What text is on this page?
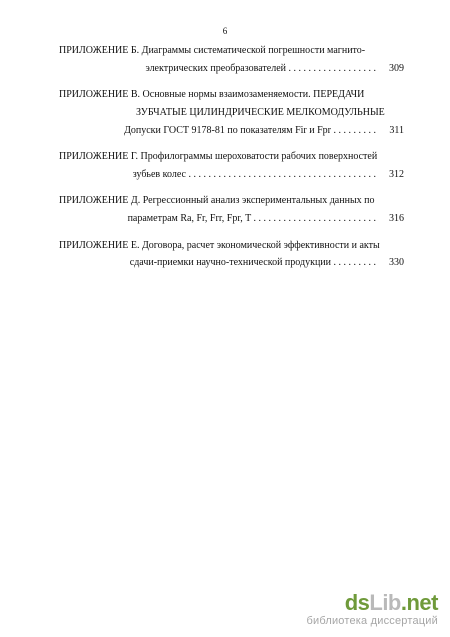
6
ПРИЛОЖЕНИЕ Б. Диаграммы систематической погрешности магнито-
электрических преобразователей . . . . . . . . . . . . . . . . . .	309
ПРИЛОЖЕНИЕ В. Основные нормы взаимозаменяемости. ПЕРЕДАЧИ
ЗУБЧАТЫЕ ЦИЛИНДРИЧЕСКИЕ МЕЛКОМОДУЛЬНЫЕ
Допуски ГОСТ 9178-81 по показателям Fir и Fpr . . . . . . . . .	311
ПРИЛОЖЕНИЕ Г. Профилограммы шероховатости рабочих поверхностей
зубьев колес . . . . . . . . . . . . . . . . . . . . . . . . . . . . . . . . . . . . . .	312
ПРИЛОЖЕНИЕ Д. Регрессионный анализ экспериментальных данных по
параметрам Ra, Fr, Frr, Fpr, T . . . . . . . . . . . . . . . . . . . . . . . . .	316
ПРИЛОЖЕНИЕ Е. Договора, расчет экономической эффективности и акты
сдачи-приемки научно-технической продукции . . . . . . . . .	330
dsLib.net
библиотека диссертаций
